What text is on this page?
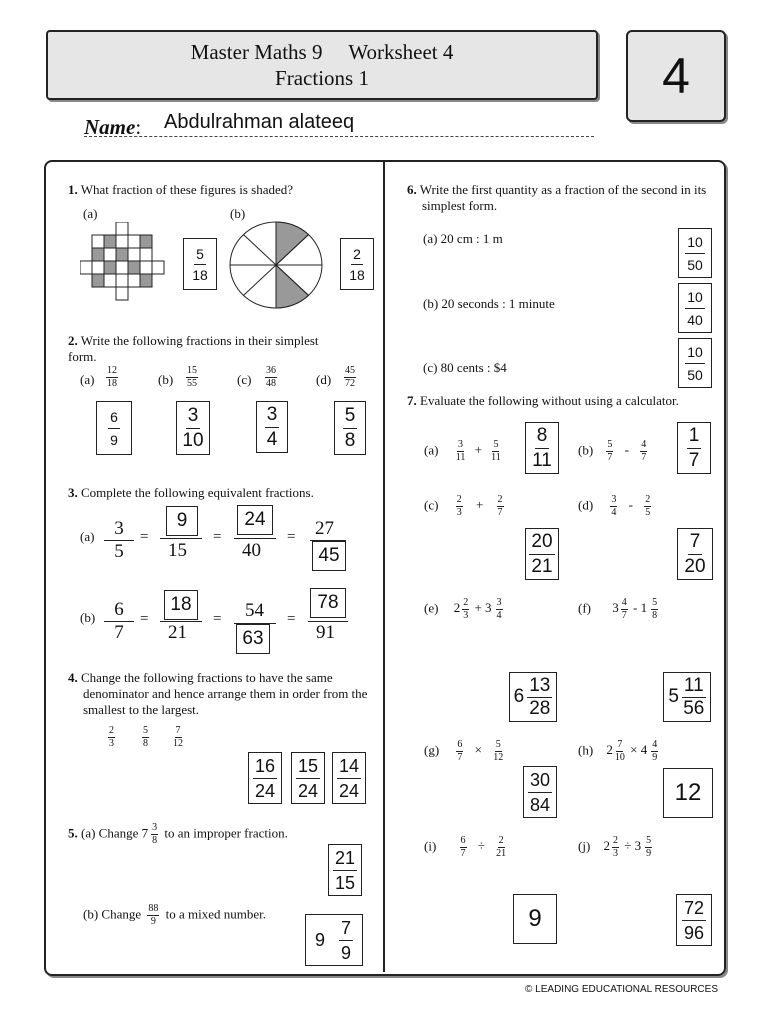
Master Maths 9     Worksheet 4
Fractions 1	4
Name: Abdulrahman alateeq
1. What fraction of these figures is shaded?
(a)	(b)
5
18
2
18
2. Write the following fractions in their simplest form.
$(a) \frac{12}{18}$	$(b) \frac{15}{55}$	$(c) \frac{36}{48}$	$(d) \frac{45}{72}$
6
9
3
10
3
4
5
8
3. Complete the following equivalent fractions.
(a)	3
5
=
9
15
=
24
40
= 27
45
(b)	6
7
=
18
21
= 54
63
=
78
91
4. Change the following fractions to have the same denominator and hence arrange them in order from the smallest to the largest.
$\frac{2}{3}$	$\frac{5}{8} \frac{7}{12}$
16
24
15
24
14
24
5. (a) Change $7 \frac{3}{8}$ to an improper fraction.
21
15
(b) Change $\frac{88}{9}$ to a mixed number.
9
7
9
6. Write the first quantity as a fraction of the second in its simplest form.
(a) 20 cm : 1 m	10
50
(b) 20 seconds : 1 minute	10
40
(c) 80 cents : $4
10
50
7. Evaluate the following without using a calculator.
$(a) \frac{3}{11} + \frac{5}{11}$
8
11 $(b) \frac{5}{7} - \frac{4}{7}$
1
7
$(c) \frac{2}{3} + \frac{2}{7}$
20
21
$(d) \frac{3}{4} - \frac{2}{5}$
7
20
(e) $2 \frac{2}{3} + 3 \frac{3}{4}$
6
13
28
(f) $3 \frac{4}{7} - 1 \frac{5}{8}$
5
11
56
$(g) \frac{6}{7} \times \frac{5}{12}$
30
84
(h) $2 \frac{7}{10} \times 4 \frac{4}{9}$
12
$(i) \frac{6}{7} \div \frac{2}{21}$
9
(j) $2 \frac{2}{3} \div 3 \frac{5}{9}$
72
96
© LEADING EDUCATIONAL RESOURCES
